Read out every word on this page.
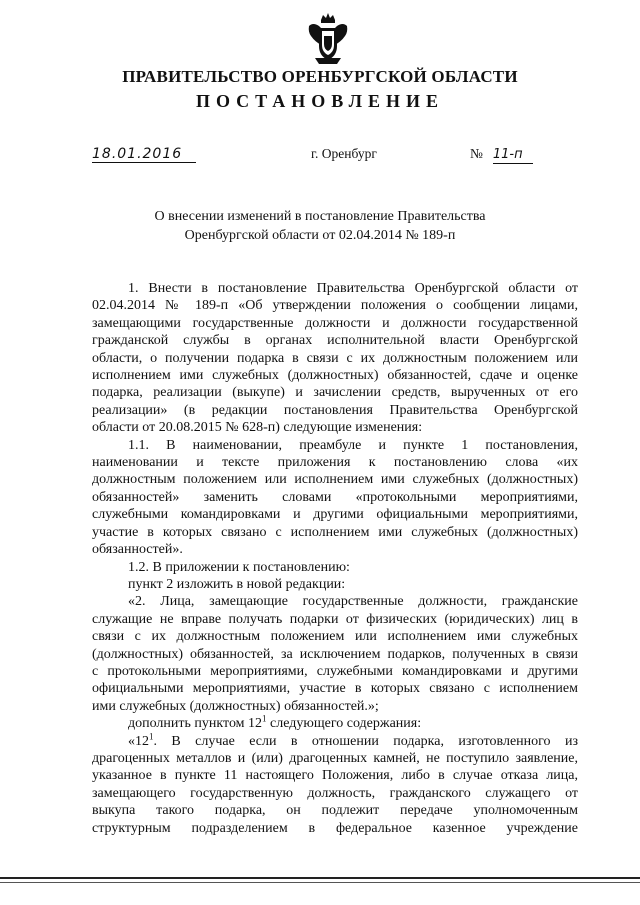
ПРАВИТЕЛЬСТВО ОРЕНБУРГСКОЙ ОБЛАСТИ
ПОСТАНОВЛЕНИЕ
18.01.2016	г. Оренбург	№ 11-п
О внесении изменений в постановление Правительства
Оренбургской области от 02.04.2014 № 189-п
1. Внести в постановление Правительства Оренбургской области от
02.04.2014 № 189-п «Об утверждении положения о сообщении лицами,
замещающими государственные должности и должности государственной
гражданской службы в органах исполнительной власти Оренбургской
области, о получении подарка в связи с их должностным положением или
исполнением ими служебных (должностных) обязанностей, сдаче и оценке
подарка, реализации (выкупе) и зачислении средств, вырученных от его
реализации» (в редакции постановления Правительства Оренбургской
области от 20.08.2015 № 628-п) следующие изменения:
1.1. В наименовании, преамбуле и пункте 1 постановления,
наименовании и тексте приложения к постановлению слова «их
должностным положением или исполнением ими служебных (должностных)
обязанностей» заменить словами «протокольными мероприятиями,
служебными командировками и другими официальными мероприятиями,
участие в которых связано с исполнением ими служебных (должностных)
обязанностей».
1.2. В приложении к постановлению:
пункт 2 изложить в новой редакции:
«2. Лица, замещающие государственные должности, гражданские
служащие не вправе получать подарки от физических (юридических) лиц в
связи с их должностным положением или исполнением ими служебных
(должностных) обязанностей, за исключением подарков, полученных в связи
с протокольными мероприятиями, служебными командировками и другими
официальными мероприятиями, участие в которых связано с исполнением
ими служебных (должностных) обязанностей.»;
дополнить пунктом $12^1$ следующего содержания:
«$12^1$. В случае если в отношении подарка, изготовленного из
драгоценных металлов и (или) драгоценных камней, не поступило заявление,
указанное в пункте 11 настоящего Положения, либо в случае отказа лица,
замещающего государственную должность, гражданского служащего от
выкупа такого подарка, он подлежит передаче уполномоченным
структурным подразделением в федеральное казенное учреждение
